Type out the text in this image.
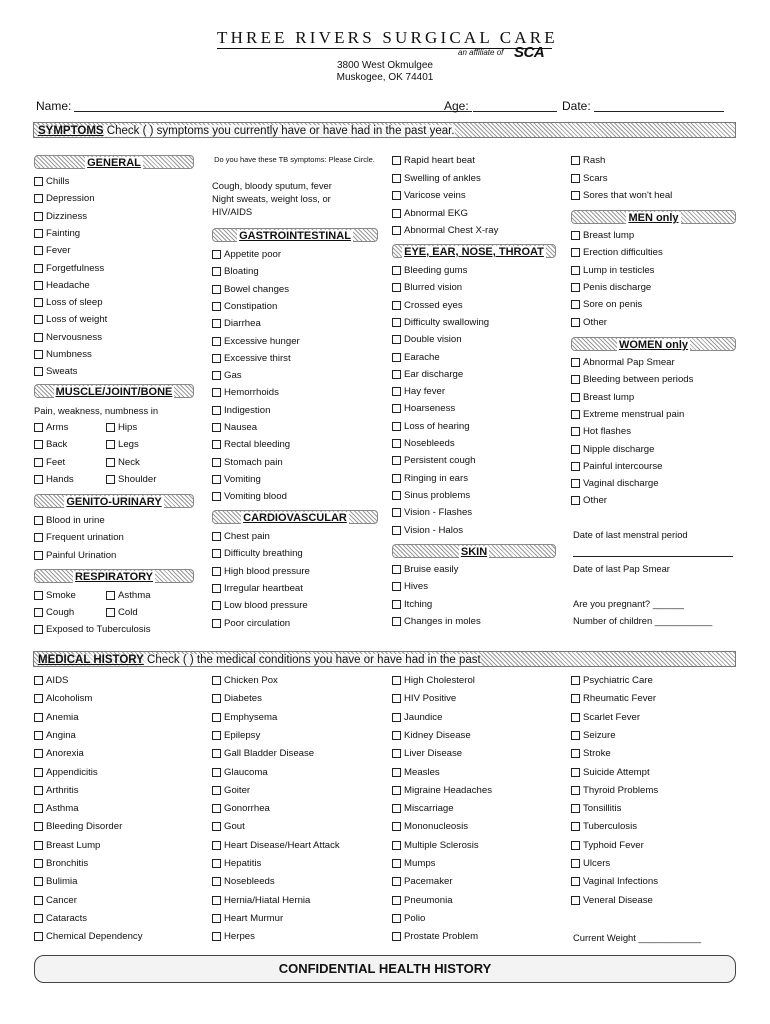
THREE RIVERS SURGICAL CARE
an affiliate of SCA
3800 West Okmulgee
Muskogee, OK 74401
Name:	Age:	Date:
SYMPTOMS Check ( ) symptoms you currently have or have had in the past year.
GENERAL
Chills
Depression
Dizziness
Fainting
Fever
Forgetfulness
Headache
Loss of sleep
Loss of weight
Nervousness
Numbness
Sweats
MUSCLE/JOINT/BONE
Pain, weakness, numbness in
Arms
Back
Feet
Hands
Hips
Legs
Neck
Shoulder
GENITO-URINARY
Blood in urine
Frequent urination
Painful Urination
RESPIRATORY
Smoke
Cough
Asthma
Cold
Exposed to Tuberculosis
Do you have these TB symptoms: Please Circle.
Cough, bloody sputum, fever
Night sweats, weight loss, or
HIV/AIDS
GASTROINTESTINAL
Appetite poor
Bloating
Bowel changes
Constipation
Diarrhea
Excessive hunger
Excessive thirst
Gas
Hemorrhoids
Indigestion
Nausea
Rectal bleeding
Stomach pain
Vomiting
Vomiting blood
CARDIOVASCULAR
Chest pain
Difficulty breathing
High blood pressure
Irregular heartbeat
Low blood pressure
Poor circulation
Rapid heart beat
Swelling of ankles
Varicose veins
Abnormal EKG
Abnormal Chest X-ray
EYE, EAR, NOSE, THROAT
Bleeding gums
Blurred vision
Crossed eyes
Difficulty swallowing
Double vision
Earache
Ear discharge
Hay fever
Hoarseness
Loss of hearing
Nosebleeds
Persistent cough
Ringing in ears
Sinus problems
Vision - Flashes
Vision - Halos
SKIN
Bruise easily
Hives
Itching
Changes in moles
Rash
Scars
Sores that won't heal
MEN only
Breast lump
Erection difficulties
Lump in testicles
Penis discharge
Sore on penis
Other
WOMEN only
Abnormal Pap Smear
Bleeding between periods
Breast lump
Extreme menstrual pain
Hot flashes
Nipple discharge
Painful intercourse
Vaginal discharge
Other
Date of last menstral period
Date of last Pap Smear
Are you pregnant? ______
Number of children ___________
MEDICAL HISTORY Check ( ) the medical conditions you have or have had in the past
AIDS
Alcoholism
Anemia
Angina
Anorexia
Appendicitis
Arthritis
Asthma
Bleeding Disorder
Breast Lump
Bronchitis
Bulimia
Cancer
Cataracts
Chemical Dependency
Chicken Pox
Diabetes
Emphysema
Epilepsy
Gall Bladder Disease
Glaucoma
Goiter
Gonorrhea
Gout
Heart Disease/Heart Attack
Hepatitis
Nosebleeds
Hernia/Hiatal Hernia
Heart Murmur
Herpes
High Cholesterol
HIV Positive
Jaundice
Kidney Disease
Liver Disease
Measles
Migraine Headaches
Miscarriage
Mononucleosis
Multiple Sclerosis
Mumps
Pacemaker
Pneumonia
Polio
Prostate Problem
Psychiatric Care
Rheumatic Fever
Scarlet Fever
Seizure
Stroke
Suicide Attempt
Thyroid Problems
Tonsillitis
Tuberculosis
Typhoid Fever
Ulcers
Vaginal Infections
Veneral Disease
Current Weight ____________
CONFIDENTIAL HEALTH HISTORY
